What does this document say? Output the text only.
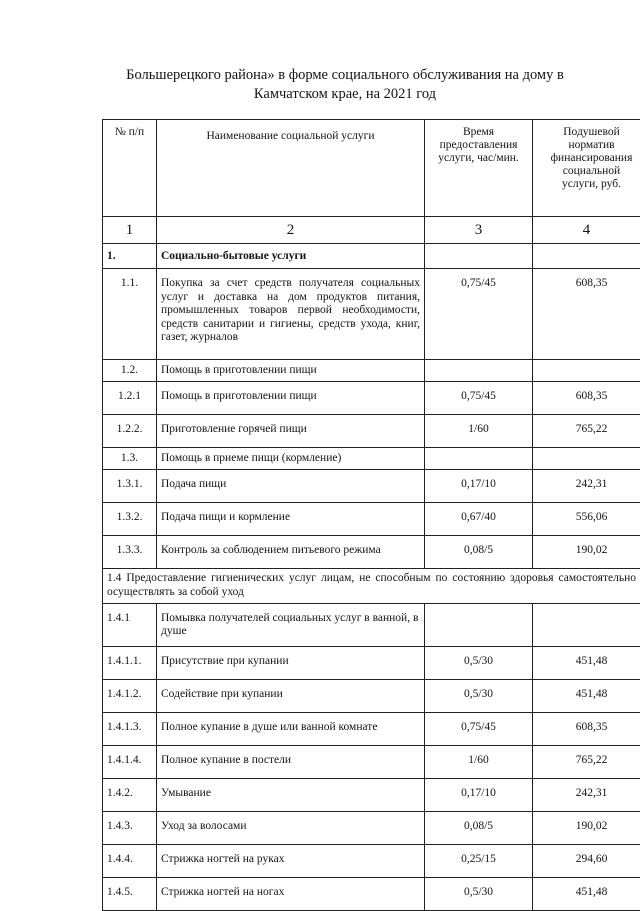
Большерецкого района» в форме социального обслуживания на дому в
Камчатском крае, на 2021 год
№ п/п	Наименование социальной услуги	Время предоставления услуги, час/мин.	Подушевой норматив финансирования социальной услуги, руб.
1	2	3	4
1.	Социально-бытовые услуги		
1.1.	Покупка за счет средств получателя социальных услуг и доставка на дом продуктов питания, промышленных товаров первой необходимости, средств санитарии и гигиены, средств ухода, книг, газет, журналов	0,75/45	608,35
1.2.	Помощь в приготовлении пищи		
1.2.1	Помощь в приготовлении пищи	0,75/45	608,35
1.2.2.	Приготовление горячей пищи	1/60	765,22
1.3.	Помощь в приеме пищи (кормление)		
1.3.1.	Подача пищи	0,17/10	242,31
1.3.2.	Подача пищи и кормление	0,67/40	556,06
1.3.3.	Контроль за соблюдением питьевого режима	0,08/5	190,02
1.4 Предоставление гигиенических услуг лицам, не способным по состоянию здоровья самостоятельно осуществлять за собой уход			
1.4.1	Помывка получателей социальных услуг в ванной, в душе		
1.4.1.1.	Присутствие при купании	0,5/30	451,48
1.4.1.2.	Содействие при купании	0,5/30	451,48
1.4.1.3.	Полное купание в душе или ванной комнате	0,75/45	608,35
1.4.1.4.	Полное купание в постели	1/60	765,22
1.4.2.	Умывание	0,17/10	242,31
1.4.3.	Уход за волосами	0,08/5	190,02
1.4.4.	Стрижка ногтей на руках	0,25/15	294,60
1.4.5.	Стрижка ногтей на ногах	0,5/30	451,48
